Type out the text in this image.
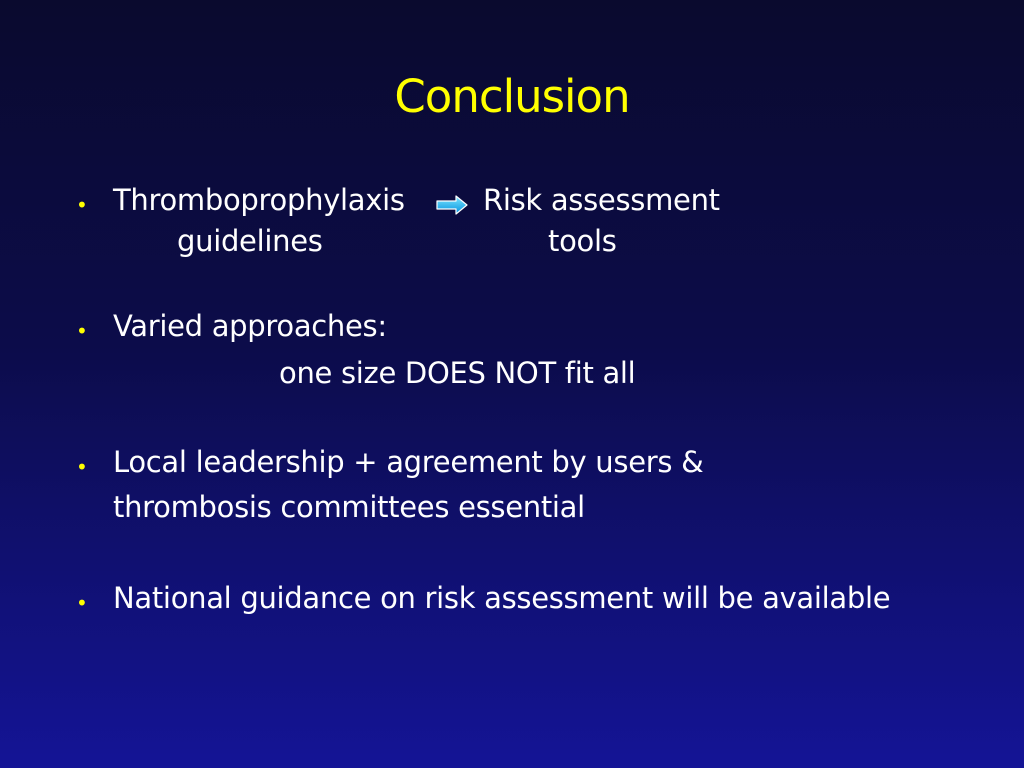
Conclusion
• Thromboprophylaxis	Risk assessment
guidelines	tools
• Varied approaches:
one size DOES NOT fit all
• Local leadership + agreement by users &
thrombosis committees essential
• National guidance on risk assessment will be available
